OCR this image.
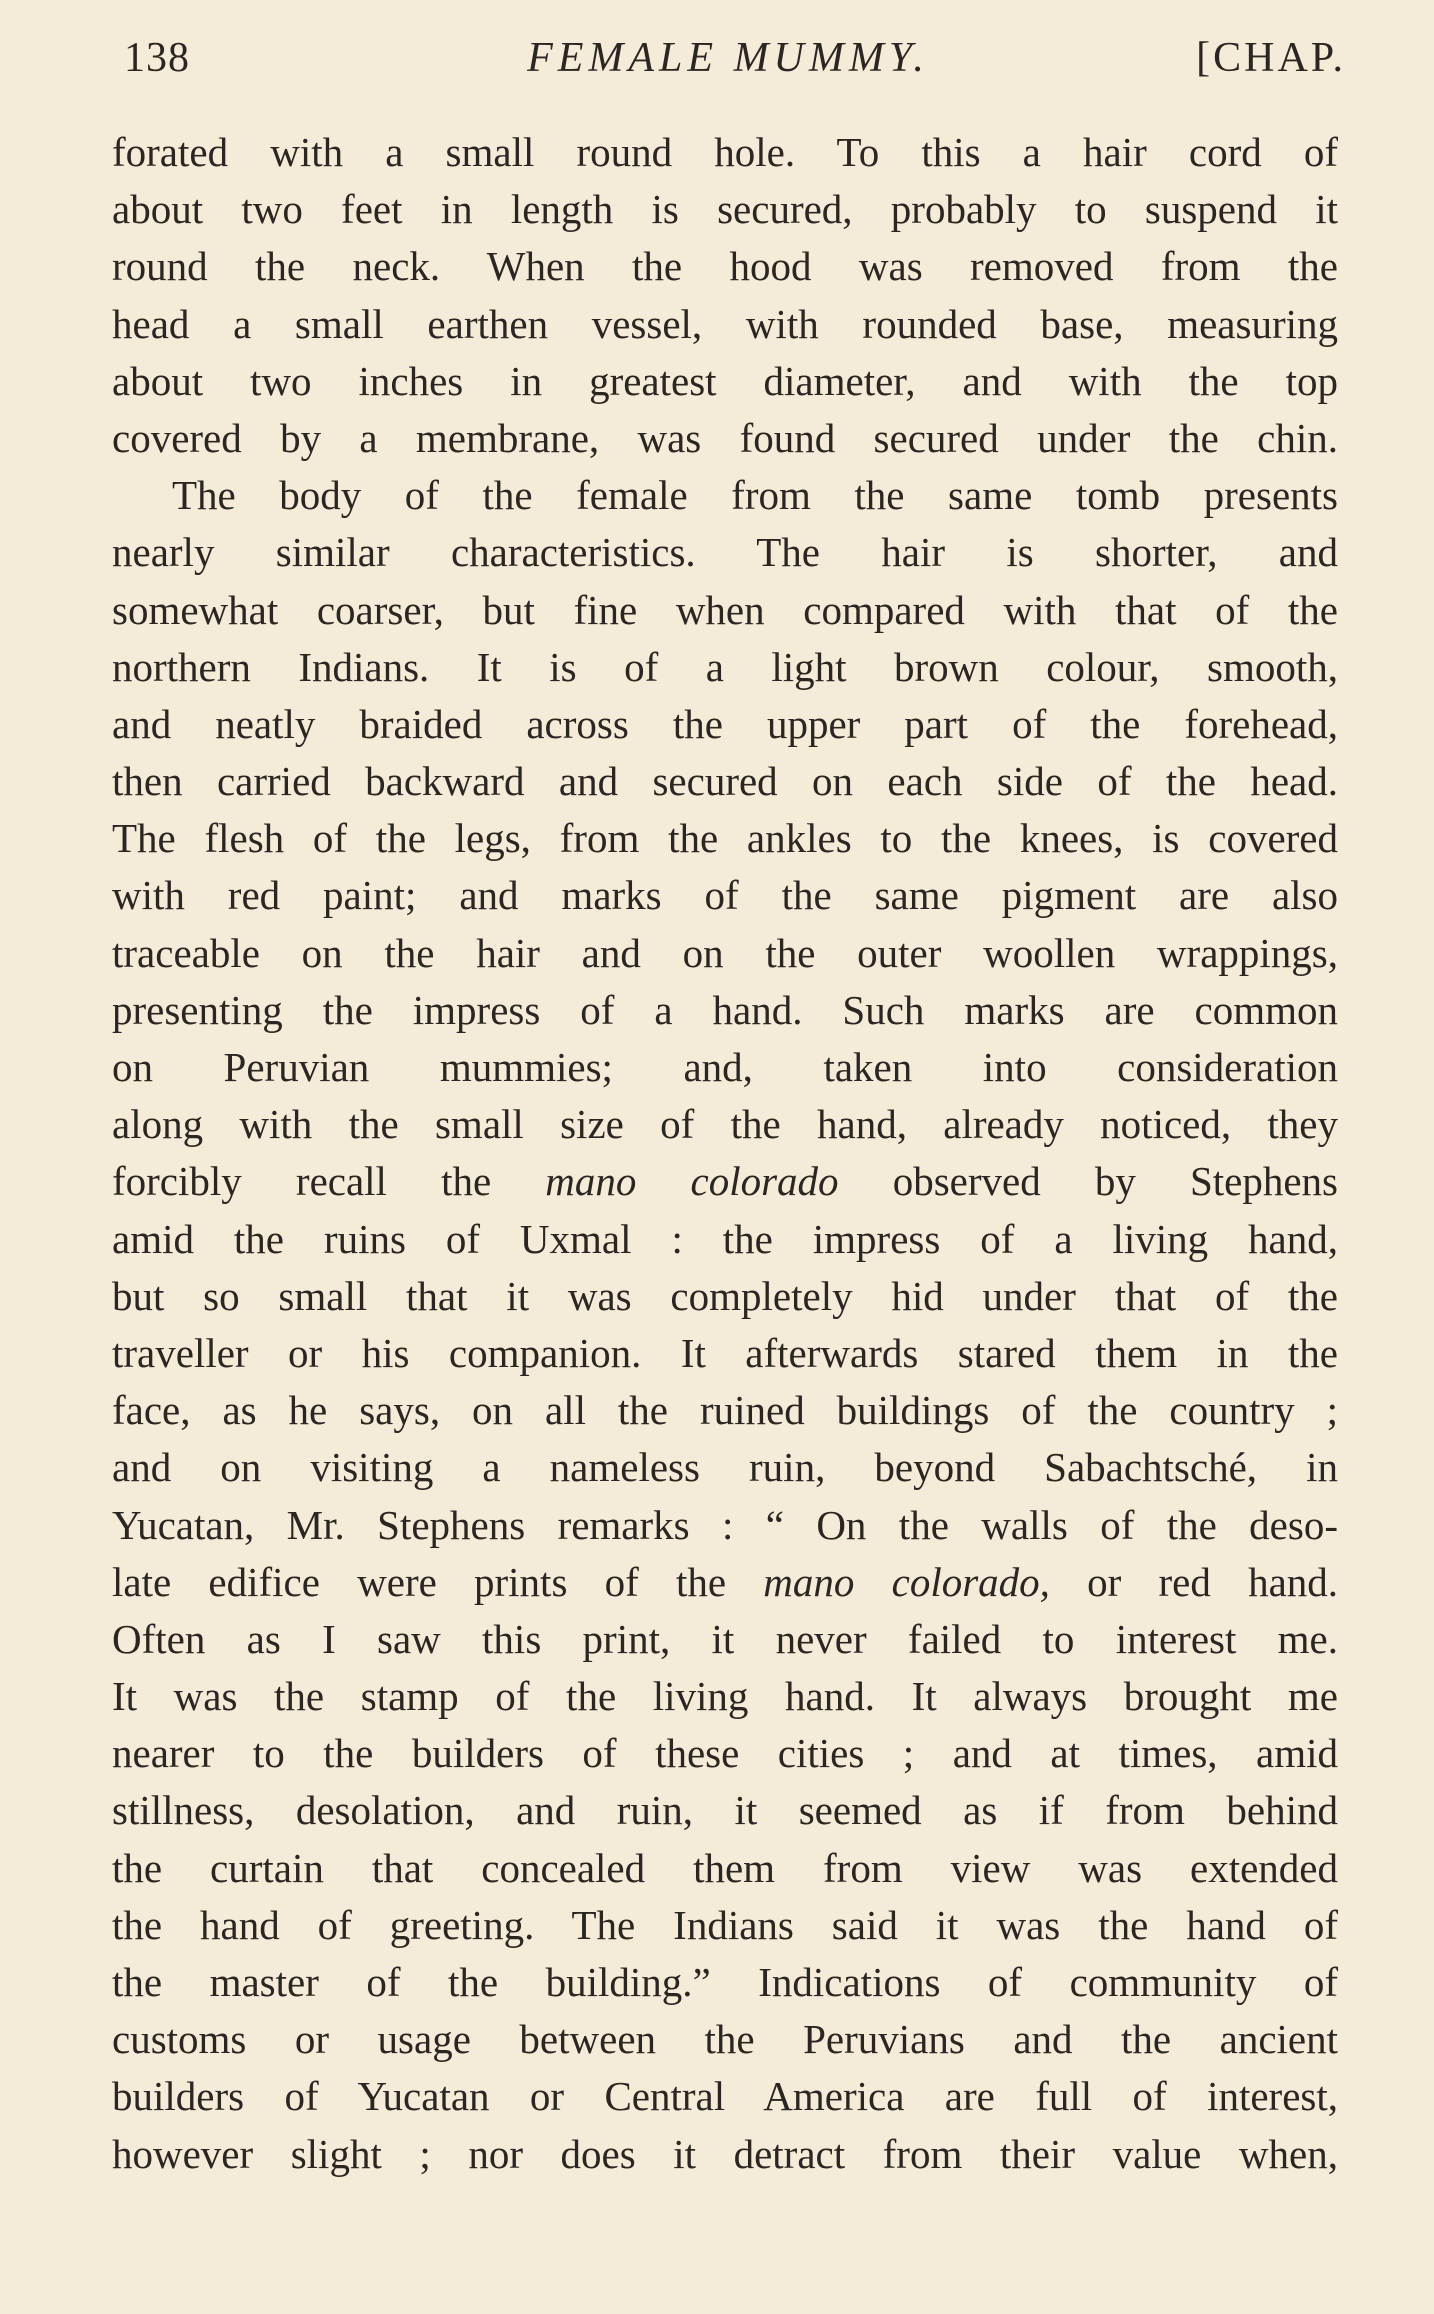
138	FEMALE MUMMY.	[CHAP.
forated with a small round hole. To this a hair cord of
about two feet in length is secured, probably to suspend it
round the neck. When the hood was removed from the
head a small earthen vessel, with rounded base, measuring
about two inches in greatest diameter, and with the top
covered by a membrane, was found secured under the chin.
The body of the female from the same tomb presents
nearly similar characteristics. The hair is shorter, and
somewhat coarser, but fine when compared with that of the
northern Indians. It is of a light brown colour, smooth,
and neatly braided across the upper part of the forehead,
then carried backward and secured on each side of the head.
The flesh of the legs, from the ankles to the knees, is covered
with red paint; and marks of the same pigment are also
traceable on the hair and on the outer woollen wrappings,
presenting the impress of a hand. Such marks are common
on Peruvian mummies; and, taken into consideration
along with the small size of the hand, already noticed, they
forcibly recall the mano colorado observed by Stephens
amid the ruins of Uxmal : the impress of a living hand,
but so small that it was completely hid under that of the
traveller or his companion. It afterwards stared them in the
face, as he says, on all the ruined buildings of the country ;
and on visiting a nameless ruin, beyond Sabachtsché, in
Yucatan, Mr. Stephens remarks : “ On the walls of the deso-
late edifice were prints of the mano colorado, or red hand.
Often as I saw this print, it never failed to interest me.
It was the stamp of the living hand. It always brought me
nearer to the builders of these cities ; and at times, amid
stillness, desolation, and ruin, it seemed as if from behind
the curtain that concealed them from view was extended
the hand of greeting. The Indians said it was the hand of
the master of the building.” Indications of community of
customs or usage between the Peruvians and the ancient
builders of Yucatan or Central America are full of interest,
however slight ; nor does it detract from their value when,
